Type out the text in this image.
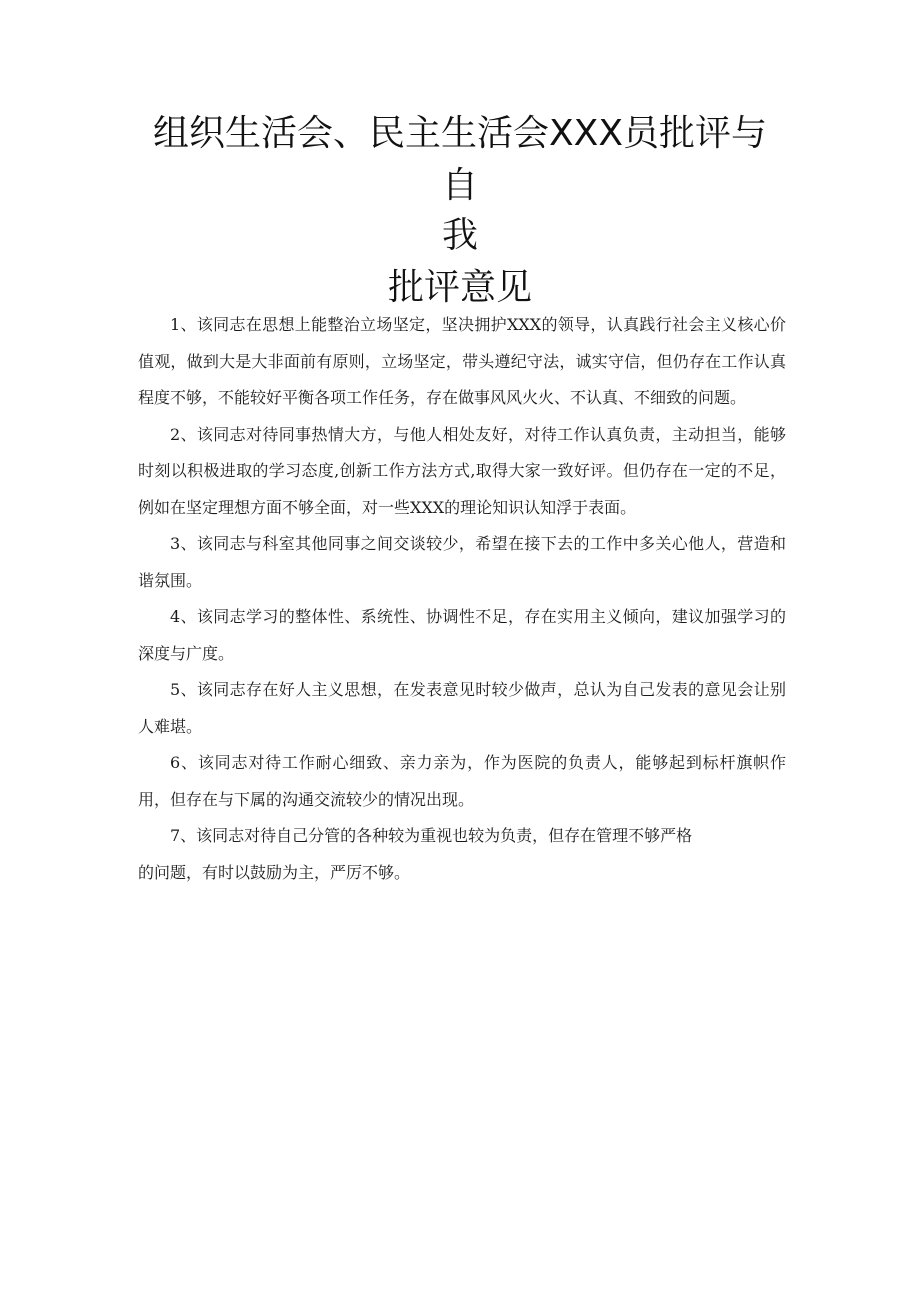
组织生活会、民主生活会XXX员批评与自
我
批评意见

1、该同志在思想上能整治立场坚定，坚决拥护XXX的领导，认真践行社会主义核心价值观，做到大是大非面前有原则，立场坚定，带头遵纪守法，诚实守信，但仍存在工作认真程度不够，不能较好平衡各项工作任务，存在做事风风火火、不认真、不细致的问题。

2、该同志对待同事热情大方，与他人相处友好，对待工作认真负责，主动担当，能够时刻以积极进取的学习态度,创新工作方法方式,取得大家一致好评。但仍存在一定的不足，例如在坚定理想方面不够全面，对一些XXX的理论知识认知浮于表面。

3、该同志与科室其他同事之间交谈较少，希望在接下去的工作中多关心他人，营造和谐氛围。

4、该同志学习的整体性、系统性、协调性不足，存在实用主义倾向，建议加强学习的深度与广度。

5、该同志存在好人主义思想，在发表意见时较少做声，总认为自己发表的意见会让别人难堪。

6、该同志对待工作耐心细致、亲力亲为，作为医院的负责人，能够起到标杆旗帜作用，但存在与下属的沟通交流较少的情况出现。

7、该同志对待自己分管的各种较为重视也较为负责，但存在管理不够严格

的问题，有时以鼓励为主，严厉不够。
